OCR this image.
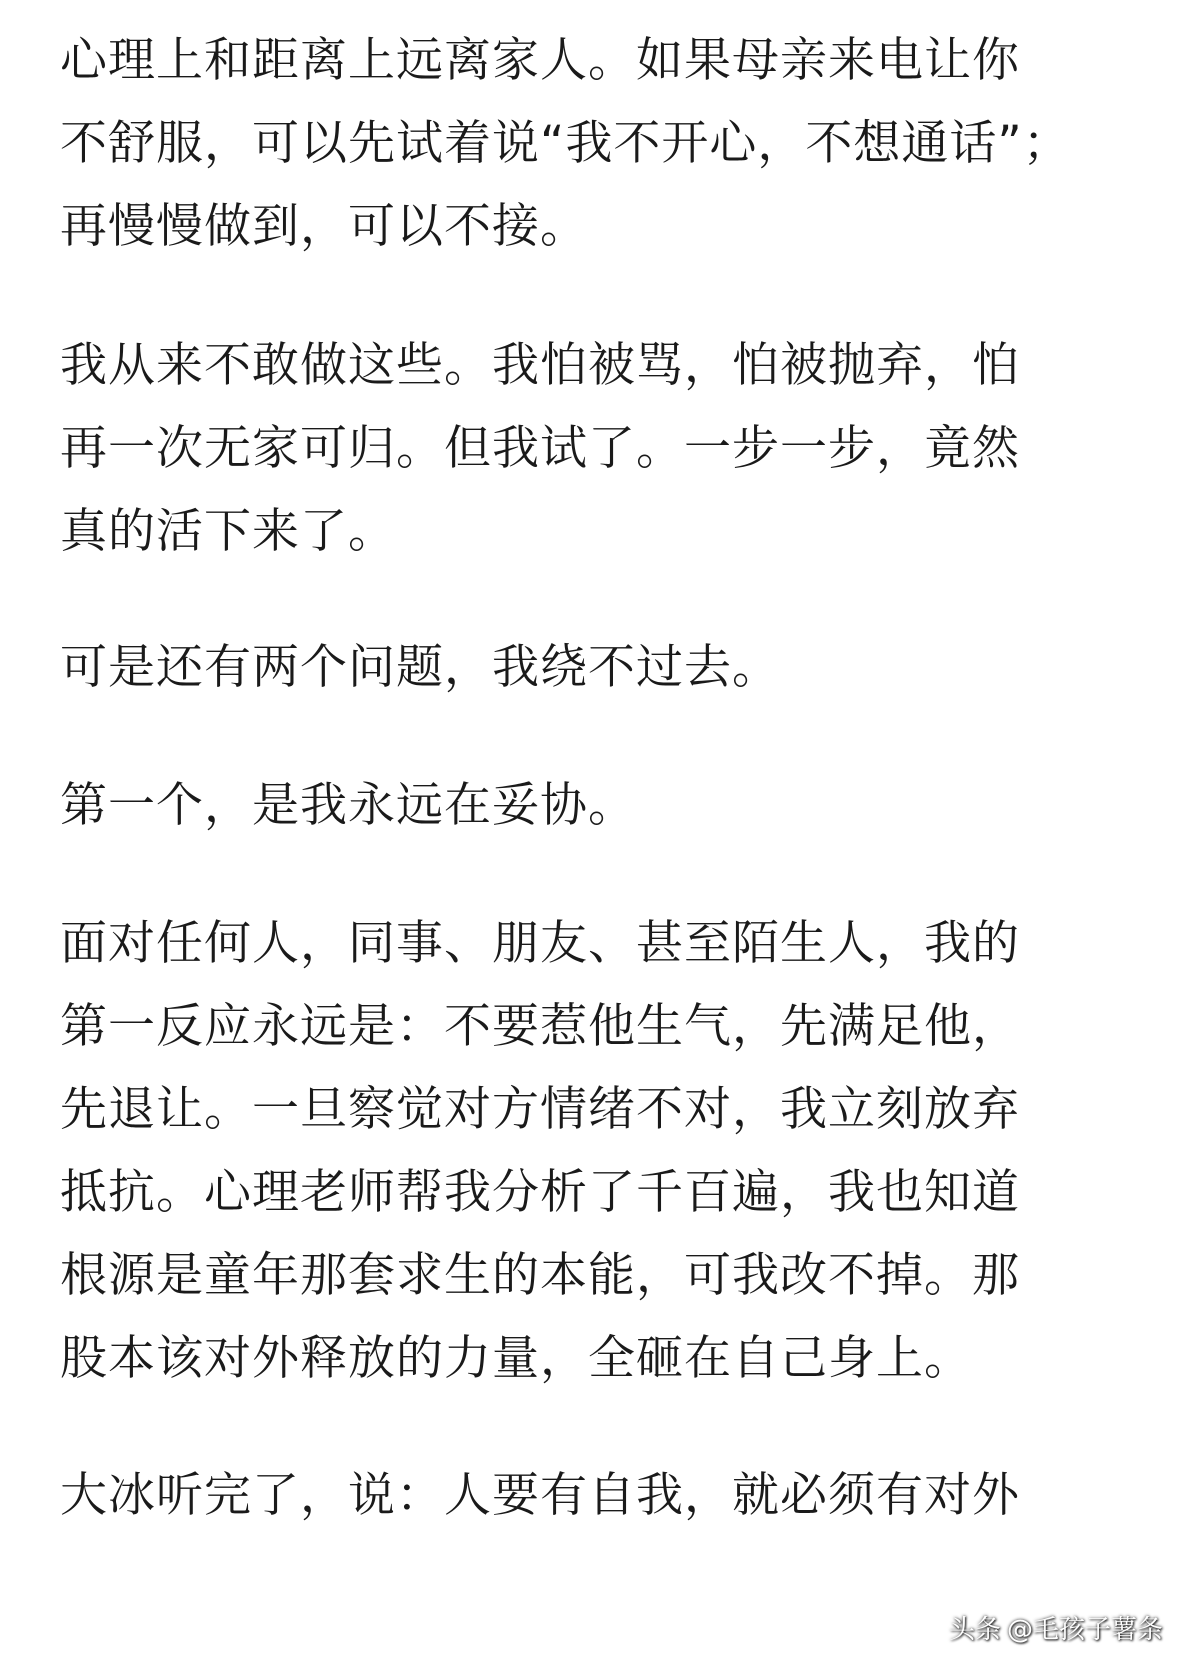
心理上和距离上远离家人。如果母亲来电让你
不舒服，可以先试着说“我不开心，不想通话”；
再慢慢做到，可以不接。
我从来不敢做这些。我怕被骂，怕被抛弃，怕
再一次无家可归。但我试了。一步一步，竟然
真的活下来了。
可是还有两个问题，我绕不过去。
第一个，是我永远在妥协。
面对任何人，同事、朋友、甚至陌生人，我的
第一反应永远是：不要惹他生气，先满足他，
先退让。一旦察觉对方情绪不对，我立刻放弃
抵抗。心理老师帮我分析了千百遍，我也知道
根源是童年那套求生的本能，可我改不掉。那
股本该对外释放的力量，全砸在自己身上。
大冰听完了，说：人要有自我，就必须有对外
头条 @毛孩子薯条
